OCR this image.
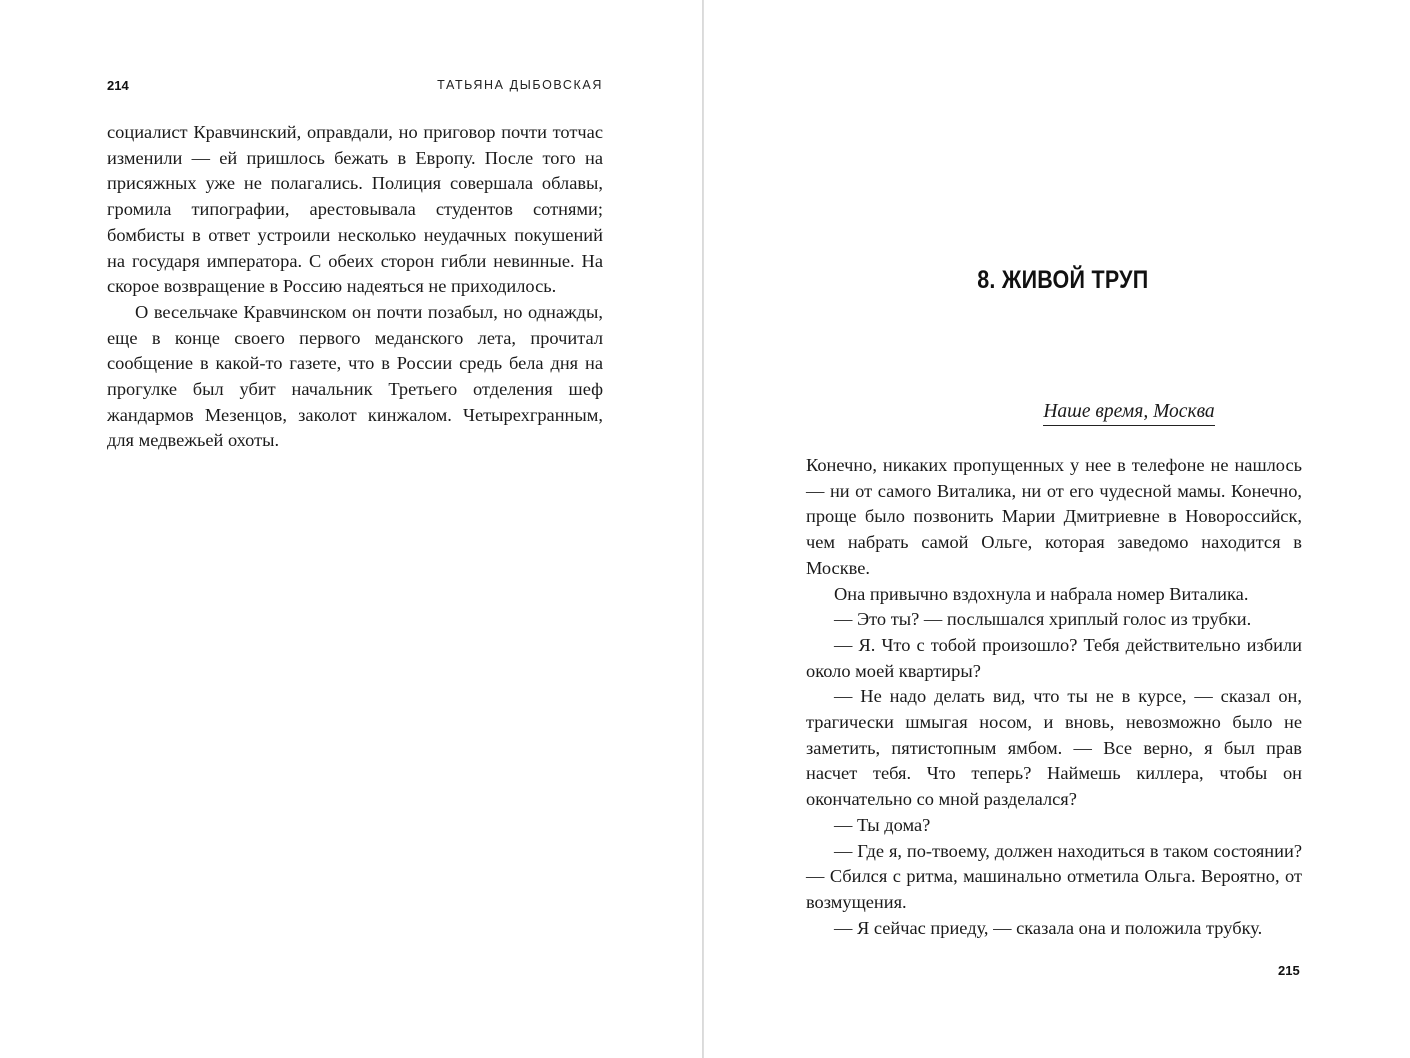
214	ТАТЬЯНА ДЫБОВСКАЯ

социалист Кравчинский, оправдали, но приговор почти тотчас изменили — ей пришлось бежать в Европу. После того на присяжных уже не полагались. Полиция совершала облавы, громила типографии, арестовывала студентов сотнями; бомбисты в ответ устроили несколько неудачных покушений на государя императора. С обеих сторон гибли невинные. На скорое возвращение в Россию надеяться не приходилось.

О весельчаке Кравчинском он почти позабыл, но однажды, еще в конце своего первого меданского лета, прочитал сообщение в какой-то газете, что в России средь бела дня на прогулке был убит начальник Третьего отделения шеф жандармов Мезенцов, заколот кинжалом. Четырехгранным, для медвежьей охоты.

8. ЖИВОЙ ТРУП
Наше время, Москва

Конечно, никаких пропущенных у нее в телефоне не нашлось — ни от самого Виталика, ни от его чудесной мамы. Конечно, проще было позвонить Марии Дмитриевне в Новороссийск, чем набрать самой Ольге, которая заведомо находится в Москве.

Она привычно вздохнула и набрала номер Виталика.

— Это ты? — послышался хриплый голос из трубки.

— Я. Что с тобой произошло? Тебя действительно избили около моей квартиры?

— Не надо делать вид, что ты не в курсе, — сказал он, трагически шмыгая носом, и вновь, невозможно было не заметить, пятистопным ямбом. — Все верно, я был прав насчет тебя. Что теперь? Наймешь киллера, чтобы он окончательно со мной разделался?

— Ты дома?

— Где я, по-твоему, должен находиться в таком состоянии? — Сбился с ритма, машинально отметила Ольга. Вероятно, от возмущения.

— Я сейчас приеду, — сказала она и положила трубку.

215
